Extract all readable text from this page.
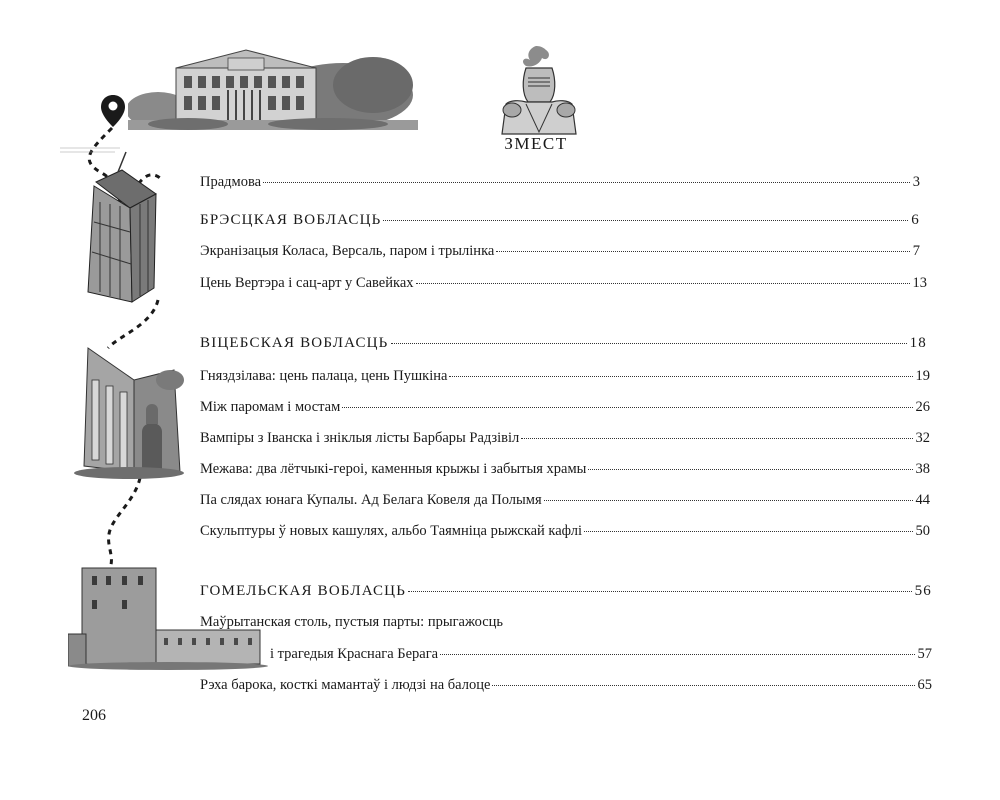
ЗМЕСТ
Прадмова	3
БРЭСЦКАЯ ВОБЛАСЦЬ	6
Экранізацыя Коласа, Версаль, паром і трылінка	7
Цень Вертэра і сац-арт у Савейках	13
ВІЦЕБСКАЯ ВОБЛАСЦЬ	18
Гняздзілава: цень палаца, цень Пушкіна	19
Між паромам і мостам	26
Вампіры з Іванска і зніклыя лісты Барбары Радзівіл	32
Межава: два лётчыкі-героі, каменныя крыжы і забытыя храмы	38
Па слядах юнага Купалы. Ад Белага Ковеля да Полымя	44
Скульптуры ў новых кашулях, альбо Таямніца рыжскай кафлі	50
ГОМЕЛЬСКАЯ ВОБЛАСЦЬ	56
Маўрытанская столь, пустыя парты: прыгажосць
і трагедыя Краснага Берага	57
Рэха барока, косткі мамантаў і людзі на балоце	65
206
